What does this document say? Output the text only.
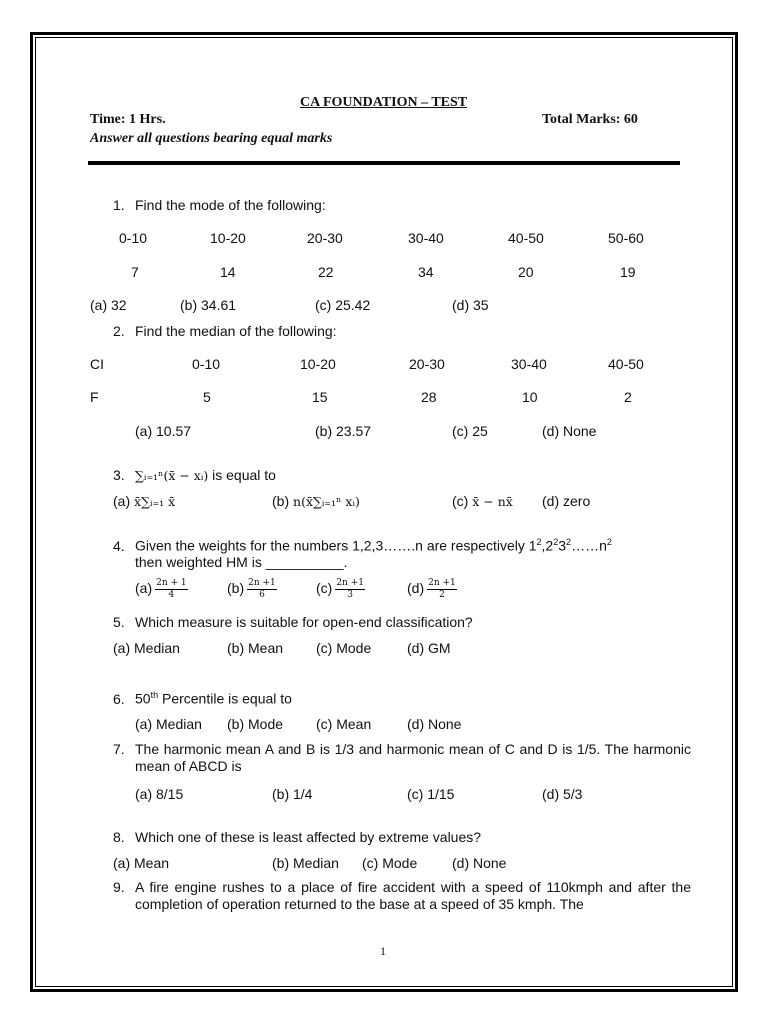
CA FOUNDATION – TEST
Time: 1 Hrs.	Total Marks: 60
Answer all questions bearing equal marks
1. Find the mode of the following:
0-10	10-20	20-30	30-40	40-50	50-60
7	14	22	34	20	19
(a) 32	(b) 34.61	(c) 25.42	(d) 35
2. Find the median of the following:
CI	0-10	10-20	20-30	30-40	40-50
F	5	15	28	10	2
(a) 10.57	(b) 23.57	(c) 25	(d) None
3. ∑ᵢ₌₁ⁿ(x̄ − xᵢ) is equal to
(a) x̄∑ᵢ₌₁ x̄	(b) n(x̄∑ᵢ₌₁ⁿ xᵢ)	(c) x̄ − nx̄ (d) zero
4. Given the weights for the numbers 1,2,3…….n are respectively $1^2,2^23^2\dots\dots n^2$
then weighted HM is __________.
$(a) \frac{2n + 1}{4}$	$(b) \frac{2n +1}{6}$	$(c) \frac{2n +1}{3}$	$(d) \frac{2n +1}{2}$
5. Which measure is suitable for open-end classification?
(a) Median	(b) Mean (c) Mode	(d) GM
6. 50th Percentile is equal to
(a) Median (b) Mode (c) Mean	(d) None
7. The harmonic mean A and B is 1/3 and harmonic mean of C and D is 1/5. The harmonic mean of ABCD is
(a) 8/15	(b) 1/4	(c) 1/15	(d) 5/3
8. Which one of these is least affected by extreme values?
(a) Mean	(b) Median (c) Mode (d) None
9. A fire engine rushes to a place of fire accident with a speed of 110kmph and after the completion of operation returned to the base at a speed of 35 kmph. The
1
